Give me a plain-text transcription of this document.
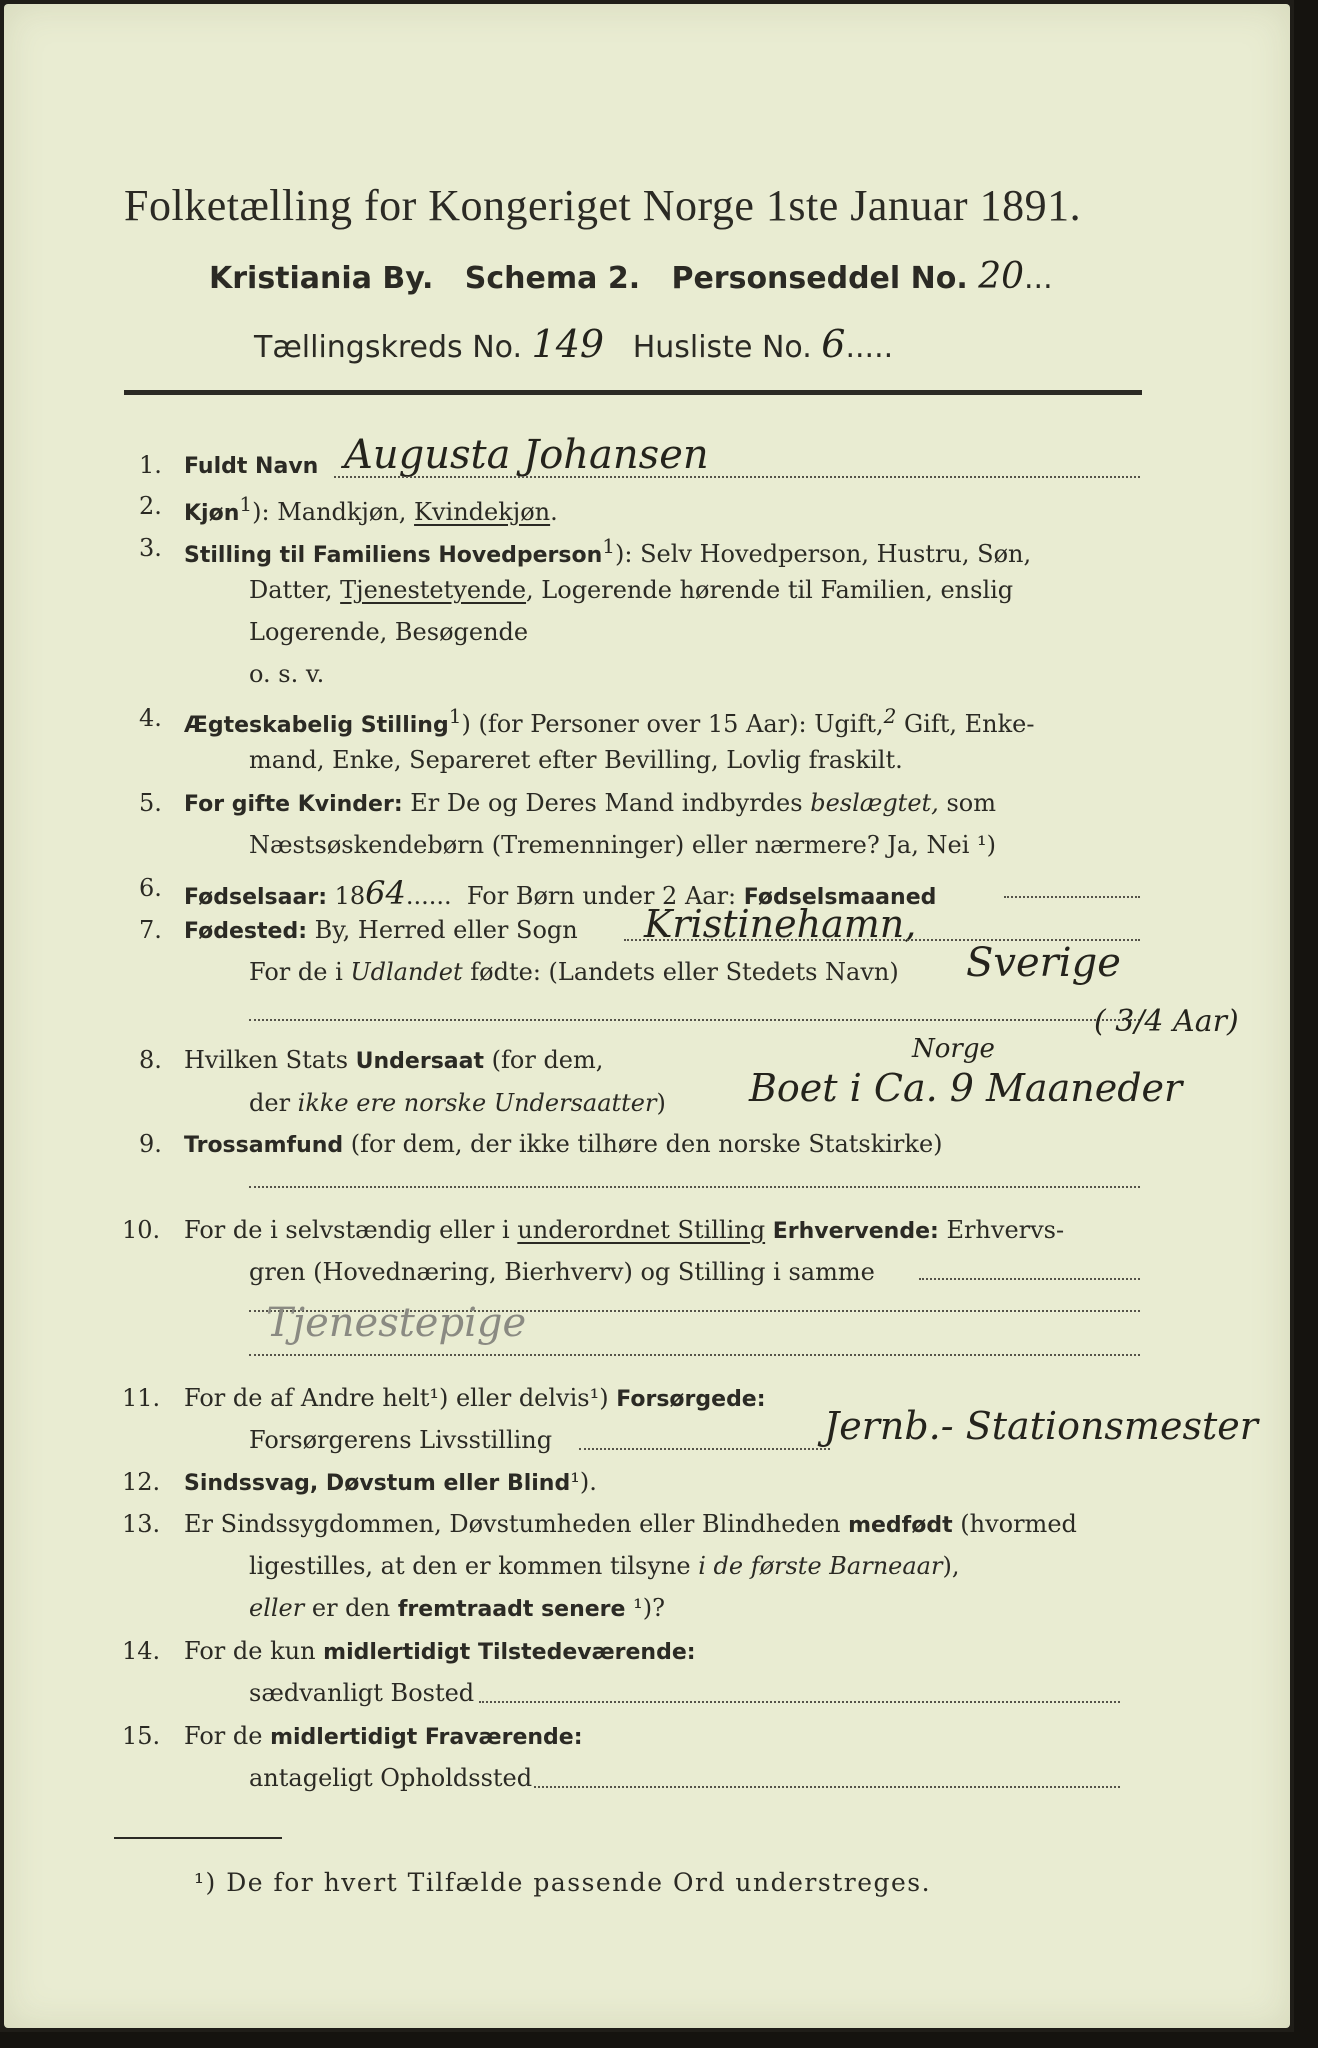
Folketælling for Kongeriget Norge 1ste Januar 1891.
Kristiania By. Schema 2. Personseddel No. 20...
Tællingskreds No. 149 Husliste No. 6.....
1. Fuldt Navn Augusta Johansen
2. Kjøn$^1$): Mandkjøn, Kvindekjøn.
3. Stilling til Familiens Hovedperson$^1$): Selv Hovedperson, Hustru, Søn,
Datter, Tjenestetyende, Logerende hørende til Familien, enslig
Logerende, Besøgende
o. s. v.
4. Ægteskabelig Stilling$^1$) (for Personer over 15 Aar): Ugift,$^2$ Gift, Enke-
mand, Enke, Separeret efter Bevilling, Lovlig fraskilt.
5. For gifte Kvinder: Er De og Deres Mand indbyrdes beslægtet, som
Næstsøskendebørn (Tremenninger) eller nærmere? Ja, Nei ¹)
6. Fødselsaar: 1864......  For Børn under 2 Aar: Fødselsmaaned
7. Fødested: By, Herred eller Sogn Kristinehamn,
For de i Udlandet fødte: (Landets eller Stedets Navn) Sverige
( 3/4 Aar)
8. Hvilken Stats Undersaat (for dem,
der ikke ere norske Undersaatter)
Norge
Boet i Ca. 9 Maaneder
9. Trossamfund (for dem, der ikke tilhøre den norske Statskirke)
10. For de i selvstændig eller i underordnet Stilling Erhvervende: Erhvervs-
gren (Hovednæring, Bierhverv) og Stilling i samme
Tjenestepige
11. For de af Andre helt¹) eller delvis¹) Forsørgede:
Forsørgerens Livsstilling	Jernb.- Stationsmester
12. Sindssvag, Døvstum eller Blind¹).
13. Er Sindssygdommen, Døvstumheden eller Blindheden medfødt (hvormed
ligestilles, at den er kommen tilsyne i de første Barneaar),
eller er den fremtraadt senere ¹)?
14. For de kun midlertidigt Tilstedeværende:
sædvanligt Bosted
15. For de midlertidigt Fraværende:
antageligt Opholdssted
¹) De for hvert Tilfælde passende Ord understreges.
